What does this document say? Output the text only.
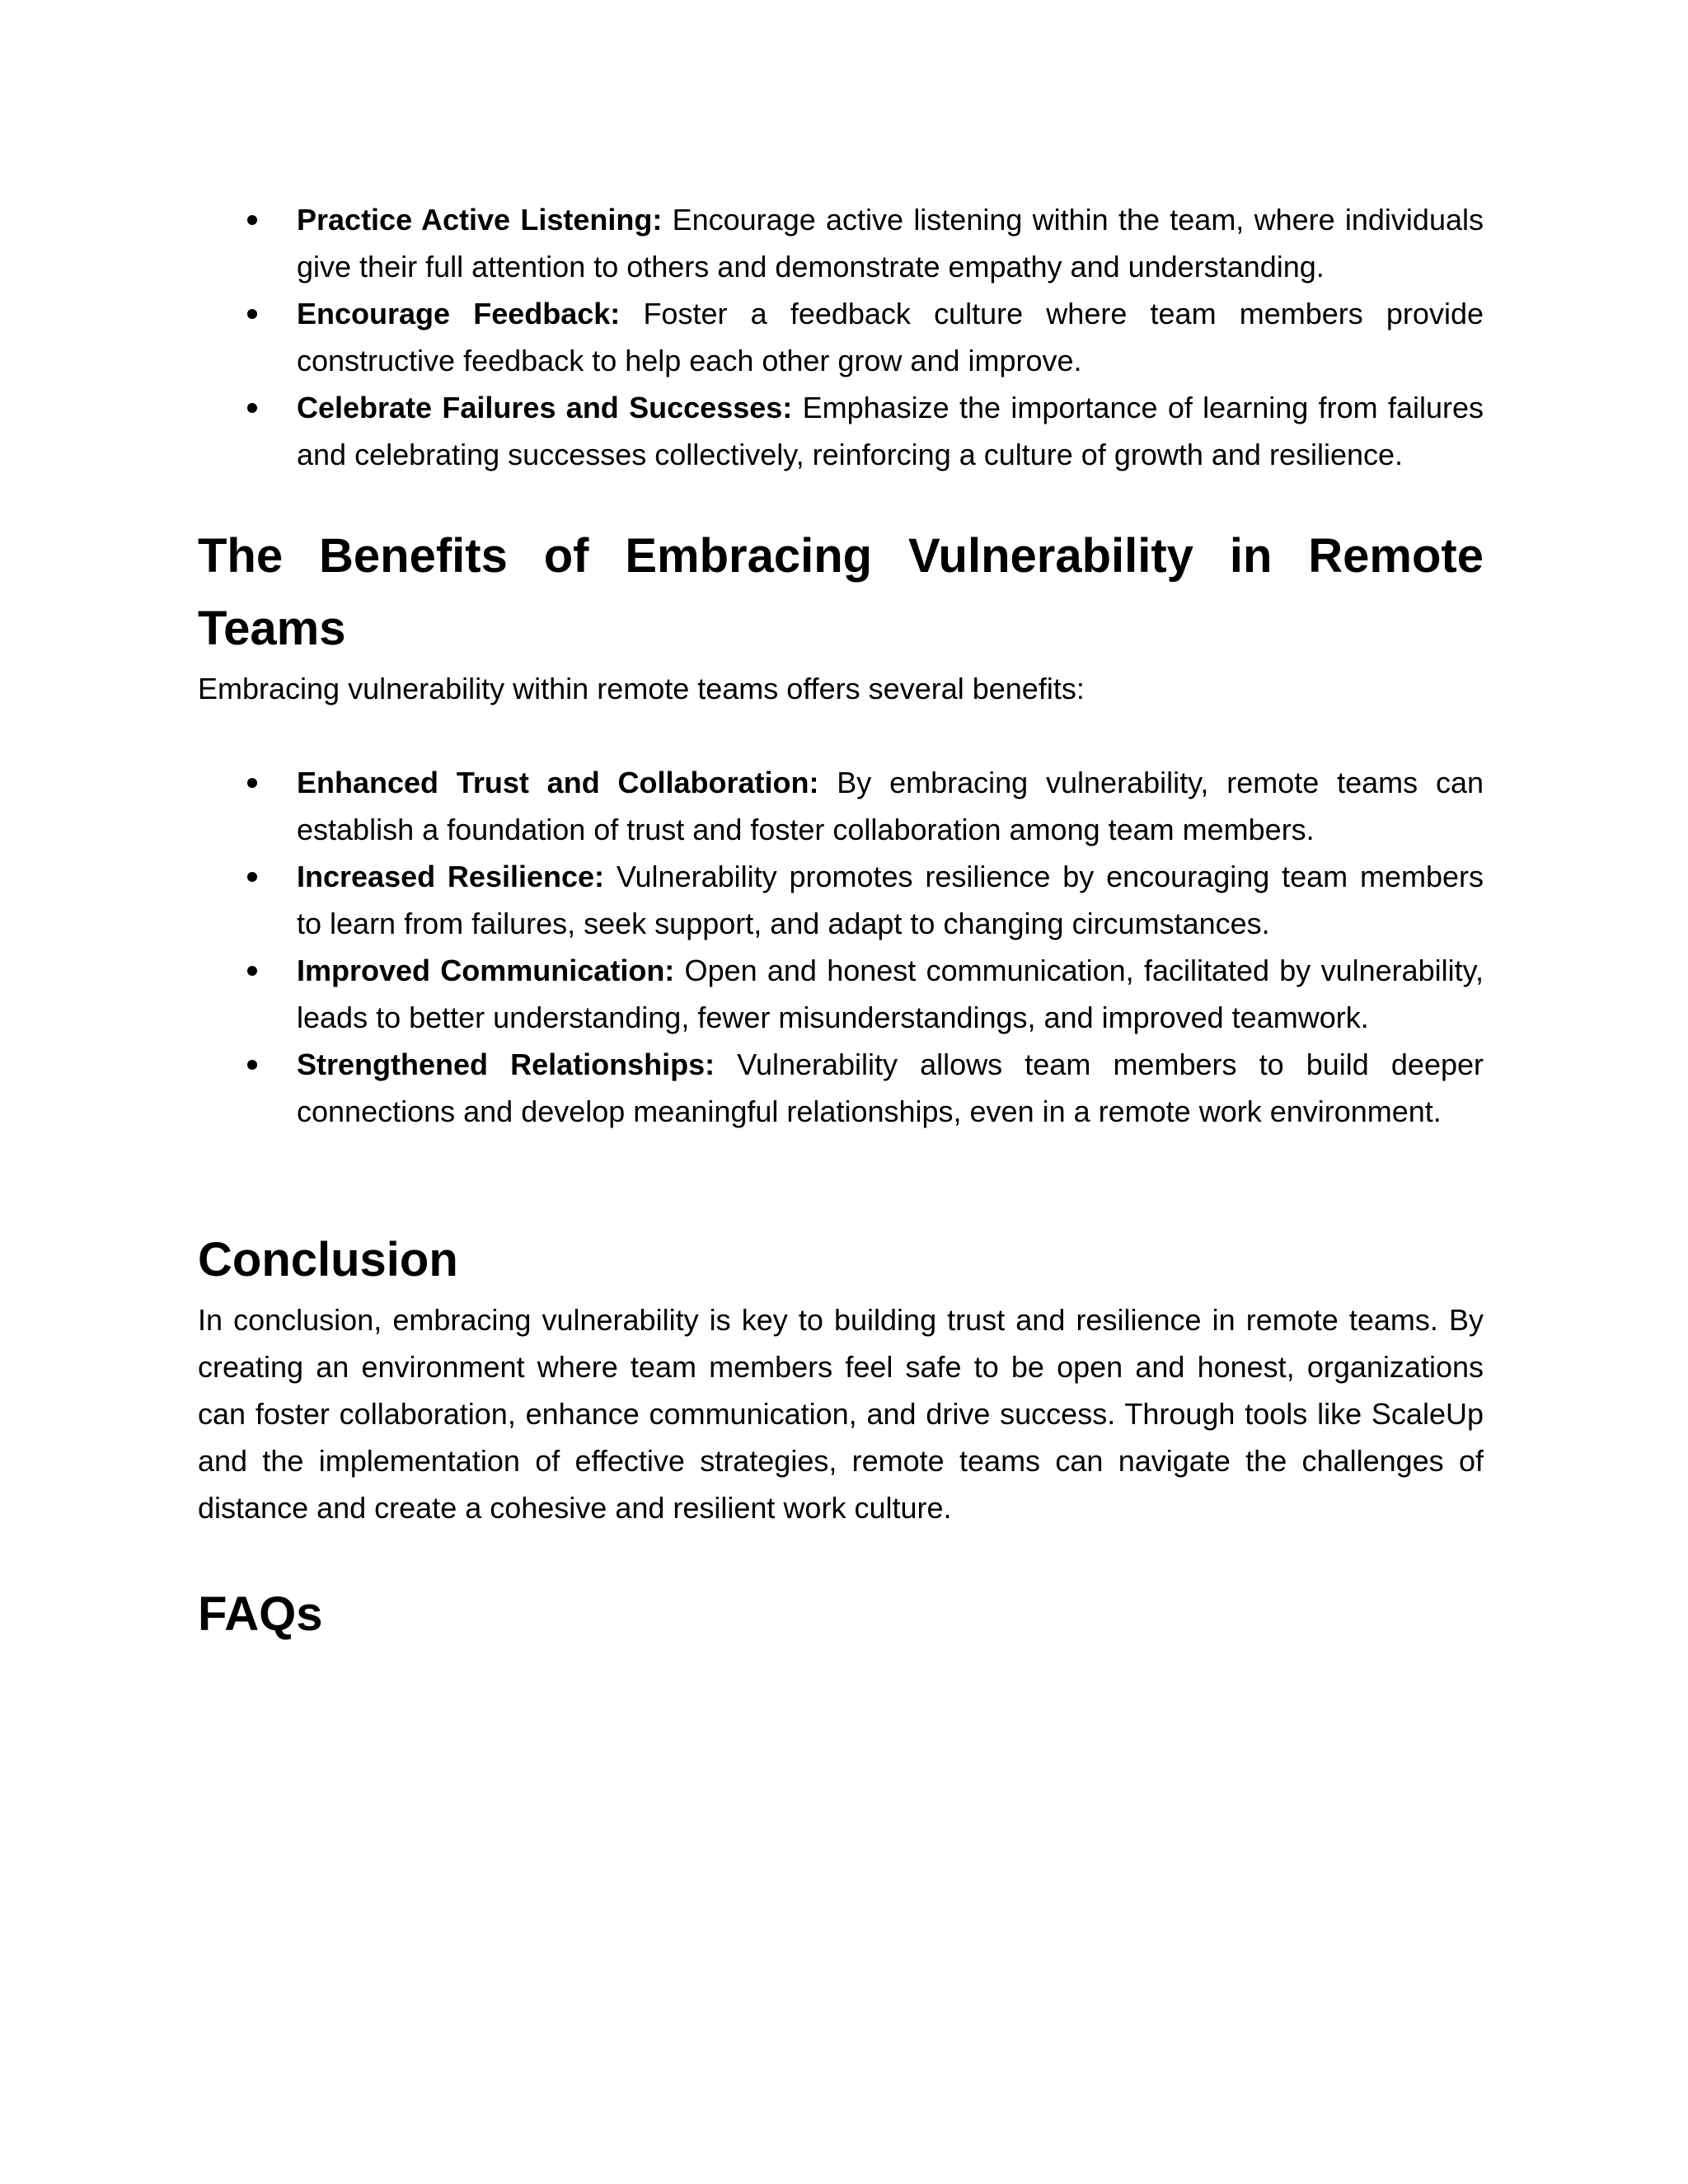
Practice Active Listening: Encourage active listening within the team, where individuals give their full attention to others and demonstrate empathy and understanding.
Encourage Feedback: Foster a feedback culture where team members provide constructive feedback to help each other grow and improve.
Celebrate Failures and Successes: Emphasize the importance of learning from failures and celebrating successes collectively, reinforcing a culture of growth and resilience.
The Benefits of Embracing Vulnerability in Remote Teams

Embracing vulnerability within remote teams offers several benefits:

Enhanced Trust and Collaboration: By embracing vulnerability, remote teams can establish a foundation of trust and foster collaboration among team members.
Increased Resilience: Vulnerability promotes resilience by encouraging team members to learn from failures, seek support, and adapt to changing circumstances.
Improved Communication: Open and honest communication, facilitated by vulnerability, leads to better understanding, fewer misunderstandings, and improved teamwork.
Strengthened Relationships: Vulnerability allows team members to build deeper connections and develop meaningful relationships, even in a remote work environment.
Conclusion

In conclusion, embracing vulnerability is key to building trust and resilience in remote teams. By creating an environment where team members feel safe to be open and honest, organizations can foster collaboration, enhance communication, and drive success. Through tools like ScaleUp and the implementation of effective strategies, remote teams can navigate the challenges of distance and create a cohesive and resilient work culture.

FAQs
